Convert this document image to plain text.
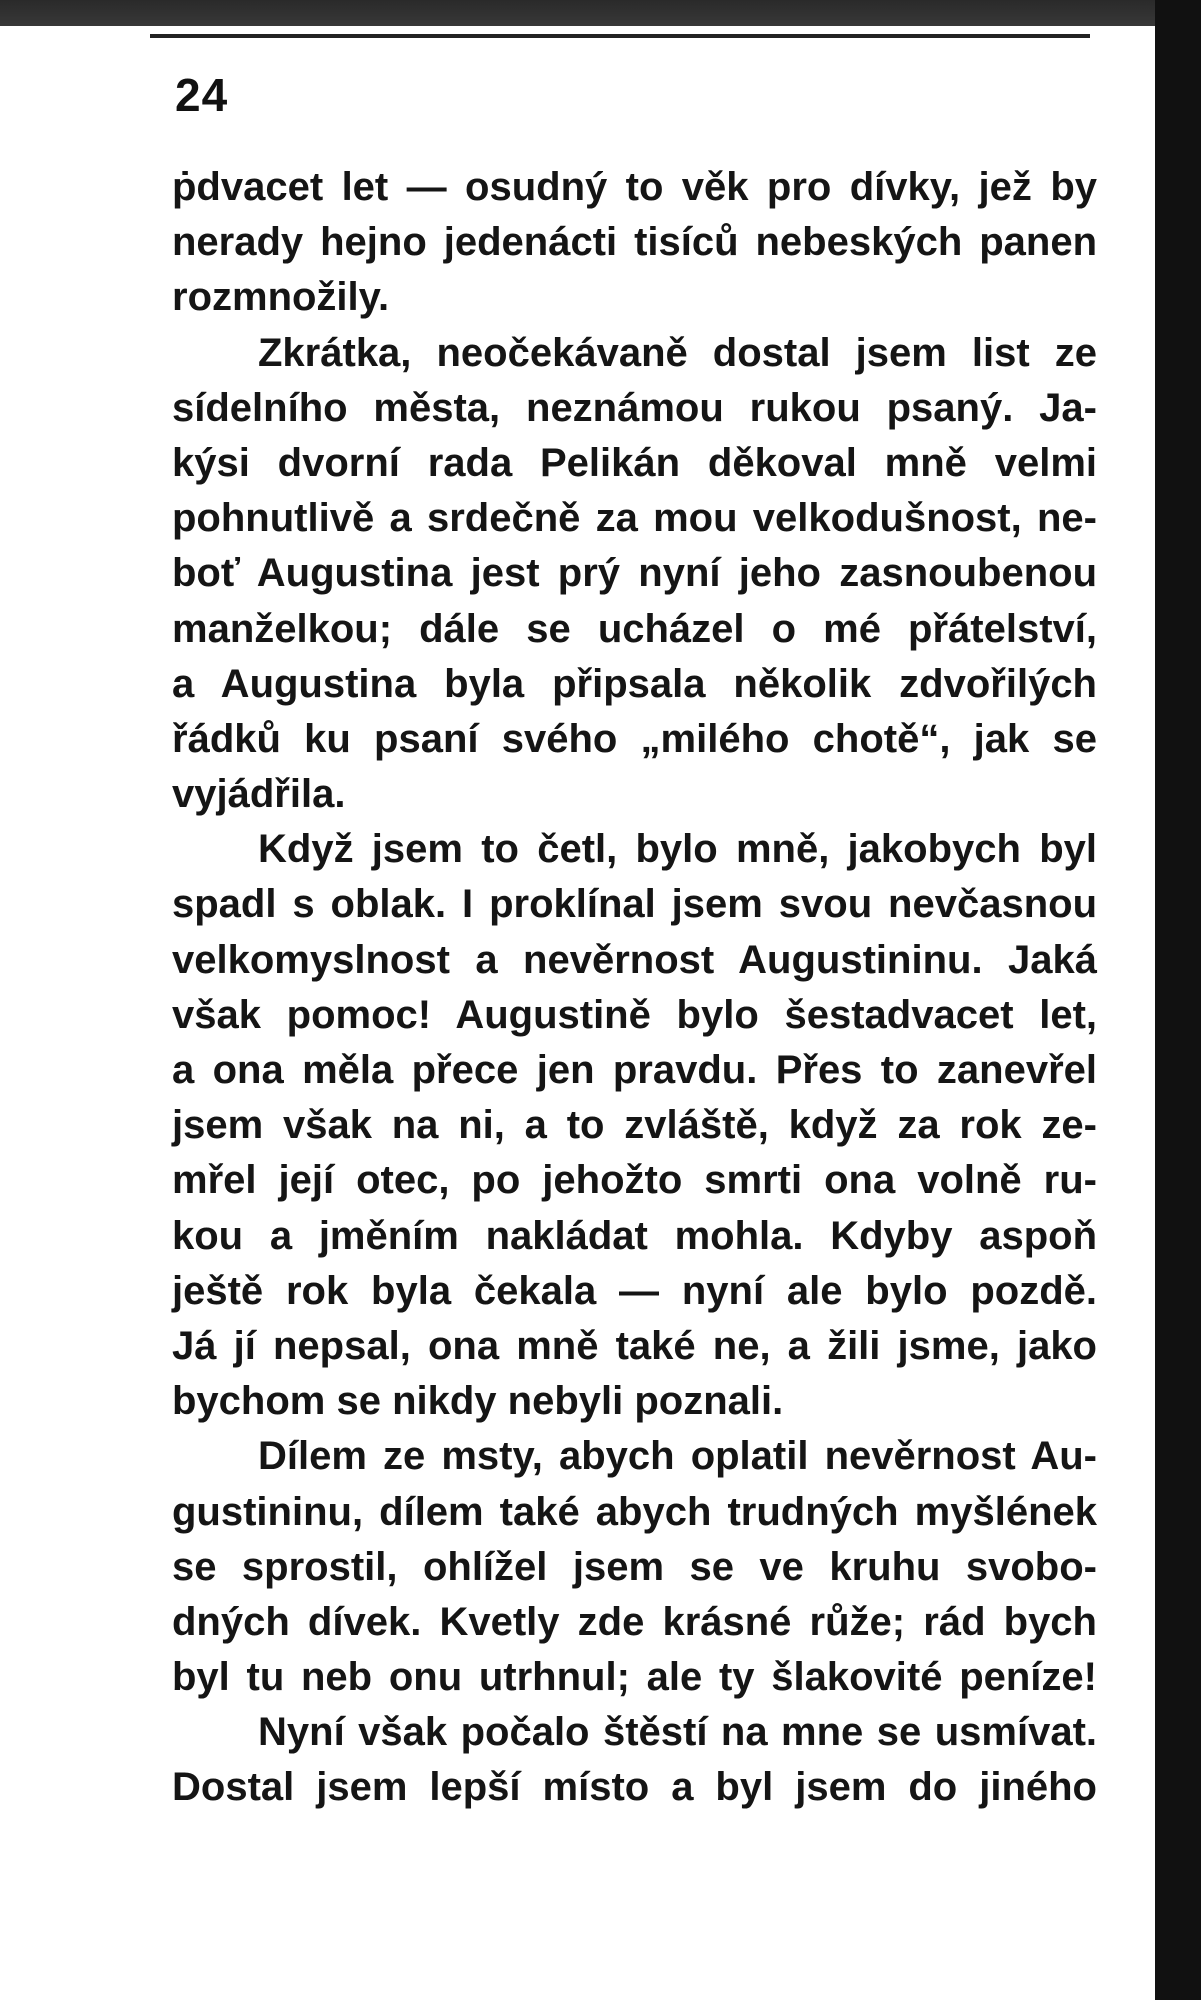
24
ṗdvacet let — osudný to věk pro dívky, jež by
nerady hejno jedenácti tisíců nebeských panen
rozmnožily.
Zkrátka, neočekávaně dostal jsem list ze
sídelního města, neznámou rukou psaný. Ja-
kýsi dvorní rada Pelikán děkoval mně velmi
pohnutlivě a srdečně za mou velkodušnost, ne-
boť Augustina jest prý nyní jeho zasnoubenou
manželkou; dále se ucházel o mé přátelství,
a Augustina byla připsala několik zdvořilých
řádků ku psaní svého „milého chotě“, jak se
vyjádřila.
Když jsem to četl, bylo mně, jakobych byl
spadl s oblak. I proklínal jsem svou nevčasnou
velkomyslnost a nevěrnost Augustininu. Jaká
však pomoc! Augustině bylo šestadvacet let,
a ona měla přece jen pravdu. Přes to zanevřel
jsem však na ni, a to zvláště, když za rok ze-
mřel její otec, po jehožto smrti ona volně ru-
kou a jměním nakládat mohla. Kdyby aspoň
ještě rok byla čekala — nyní ale bylo pozdě.
Já jí nepsal, ona mně také ne, a žili jsme, jako
bychom se nikdy nebyli poznali.
Dílem ze msty, abych oplatil nevěrnost Au-
gustininu, dílem také abych trudných myšlének
se sprostil, ohlížel jsem se ve kruhu svobo-
dných dívek. Kvetly zde krásné růže; rád bych
byl tu neb onu utrhnul; ale ty šlakovité peníze!
Nyní však počalo štěstí na mne se usmívat.
Dostal jsem lepší místo a byl jsem do jiného
